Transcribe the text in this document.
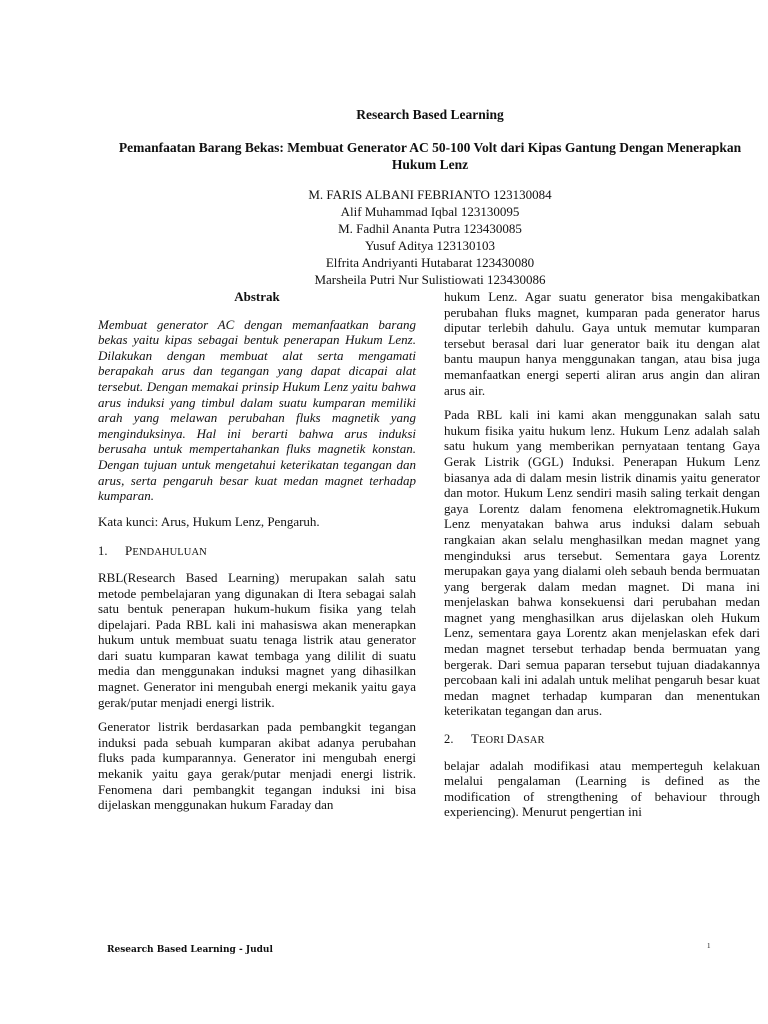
Research Based Learning
Pemanfaatan Barang Bekas: Membuat Generator AC 50-100 Volt dari Kipas Gantung Dengan Menerapkan Hukum Lenz
M. FARIS ALBANI FEBRIANTO 123130084
Alif Muhammad Iqbal 123130095
M. Fadhil Ananta Putra 123430085
Yusuf Aditya 123130103
Elfrita Andriyanti Hutabarat 123430080
Marsheila Putri Nur Sulistiowati 123430086
Abstrak

Membuat generator AC dengan memanfaatkan barang bekas yaitu kipas sebagai bentuk penerapan Hukum Lenz. Dilakukan dengan membuat alat serta mengamati berapakah arus dan tegangan yang dapat dicapai alat tersebut. Dengan memakai prinsip Hukum Lenz yaitu bahwa arus induksi yang timbul dalam suatu kumparan memiliki arah yang melawan perubahan fluks magnetik yang menginduksinya. Hal ini berarti bahwa arus induksi berusaha untuk mempertahankan fluks magnetik konstan. Dengan tujuan untuk mengetahui keterikatan tegangan dan arus, serta pengaruh besar kuat medan magnet terhadap kumparan.

Kata kunci: Arus, Hukum Lenz, Pengaruh.

1. PENDAHULUAN

RBL(Research Based Learning) merupakan salah satu metode pembelajaran yang digunakan di Itera sebagai salah satu bentuk penerapan hukum-hukum fisika yang telah dipelajari. Pada RBL kali ini mahasiswa akan menerapkan hukum untuk membuat suatu tenaga listrik atau generator dari suatu kumparan kawat tembaga yang dililit di suatu media dan menggunakan induksi magnet yang dihasilkan magnet. Generator ini mengubah energi mekanik yaitu gaya gerak/putar menjadi energi listrik.

Generator listrik berdasarkan pada pembangkit tegangan induksi pada sebuah kumparan akibat adanya perubahan fluks pada kumparannya. Generator ini mengubah energi mekanik yaitu gaya gerak/putar menjadi energi listrik. Fenomena dari pembangkit tegangan induksi ini bisa dijelaskan menggunakan hukum Faraday dan

hukum Lenz. Agar suatu generator bisa mengakibatkan perubahan fluks magnet, kumparan pada generator harus diputar terlebih dahulu. Gaya untuk memutar kumparan tersebut berasal dari luar generator baik itu dengan alat bantu maupun hanya menggunakan tangan, atau bisa juga memanfaatkan energi seperti aliran arus angin dan aliran arus air.

Pada RBL kali ini kami akan menggunakan salah satu hukum fisika yaitu hukum lenz. Hukum Lenz adalah salah satu hukum yang memberikan pernyataan tentang Gaya Gerak Listrik (GGL) Induksi. Penerapan Hukum Lenz biasanya ada di dalam mesin listrik dinamis yaitu generator dan motor. Hukum Lenz sendiri masih saling terkait dengan gaya Lorentz dalam fenomena elektromagnetik.Hukum Lenz menyatakan bahwa arus induksi dalam sebuah rangkaian akan selalu menghasilkan medan magnet yang menginduksi arus tersebut. Sementara gaya Lorentz merupakan gaya yang dialami oleh sebauh benda bermuatan yang bergerak dalam medan magnet. Di mana ini menjelaskan bahwa konsekuensi dari perubahan medan magnet yang menghasilkan arus dijelaskan oleh Hukum Lenz, sementara gaya Lorentz akan menjelaskan efek dari medan magnet tersebut terhadap benda bermuatan yang bergerak. Dari semua paparan tersebut tujuan diadakannya percobaan kali ini adalah untuk melihat pengaruh besar kuat medan magnet terhadap kumparan dan menentukan keterikatan tegangan dan arus.

2. TEORI DASAR

belajar adalah modifikasi atau memperteguh kelakuan melalui pengalaman (Learning is defined as the modification of strengthening of behaviour through experiencing). Menurut pengertian ini

Research Based Learning - Judul	1
